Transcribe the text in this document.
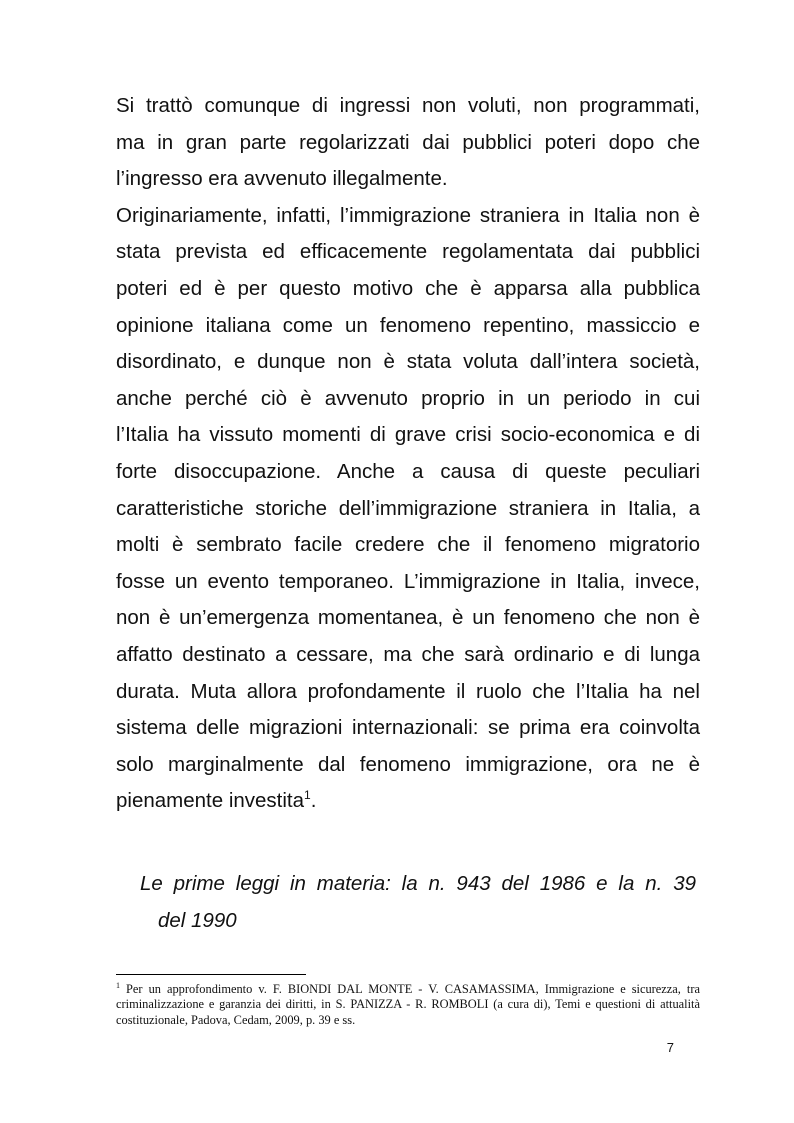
Si trattò comunque di ingressi non voluti, non programmati,
ma in gran parte regolarizzati dai pubblici poteri dopo che
l’ingresso era avvenuto illegalmente.
Originariamente, infatti, l’immigrazione straniera in Italia non è
stata prevista ed efficacemente regolamentata dai pubblici
poteri ed è per questo motivo che è apparsa alla pubblica
opinione italiana come un fenomeno repentino, massiccio e
disordinato, e dunque non è stata voluta dall’intera società,
anche perché ciò è avvenuto proprio in un periodo in cui
l’Italia ha vissuto momenti di grave crisi socio-economica e di
forte disoccupazione. Anche a causa di queste peculiari
caratteristiche storiche dell’immigrazione straniera in Italia, a
molti è sembrato facile credere che il fenomeno migratorio
fosse un evento temporaneo. L’immigrazione in Italia, invece,
non è un’emergenza momentanea, è un fenomeno che non è
affatto destinato a cessare, ma che sarà ordinario e di lunga
durata. Muta allora profondamente il ruolo che l’Italia ha nel
sistema delle migrazioni internazionali: se prima era coinvolta
solo marginalmente dal fenomeno immigrazione, ora ne è
pienamente investita$^1$.
Le prime leggi in materia: la n. 943 del 1986 e la n. 39
del 1990
$^1$ Per un approfondimento v. F. BIONDI DAL MONTE - V. CASAMASSIMA, Immigrazione e sicurezza, tra criminalizzazione e garanzia dei diritti, in S. PANIZZA - R. ROMBOLI (a cura di), Temi e questioni di attualità costituzionale, Padova, Cedam, 2009, p. 39 e ss.
7
